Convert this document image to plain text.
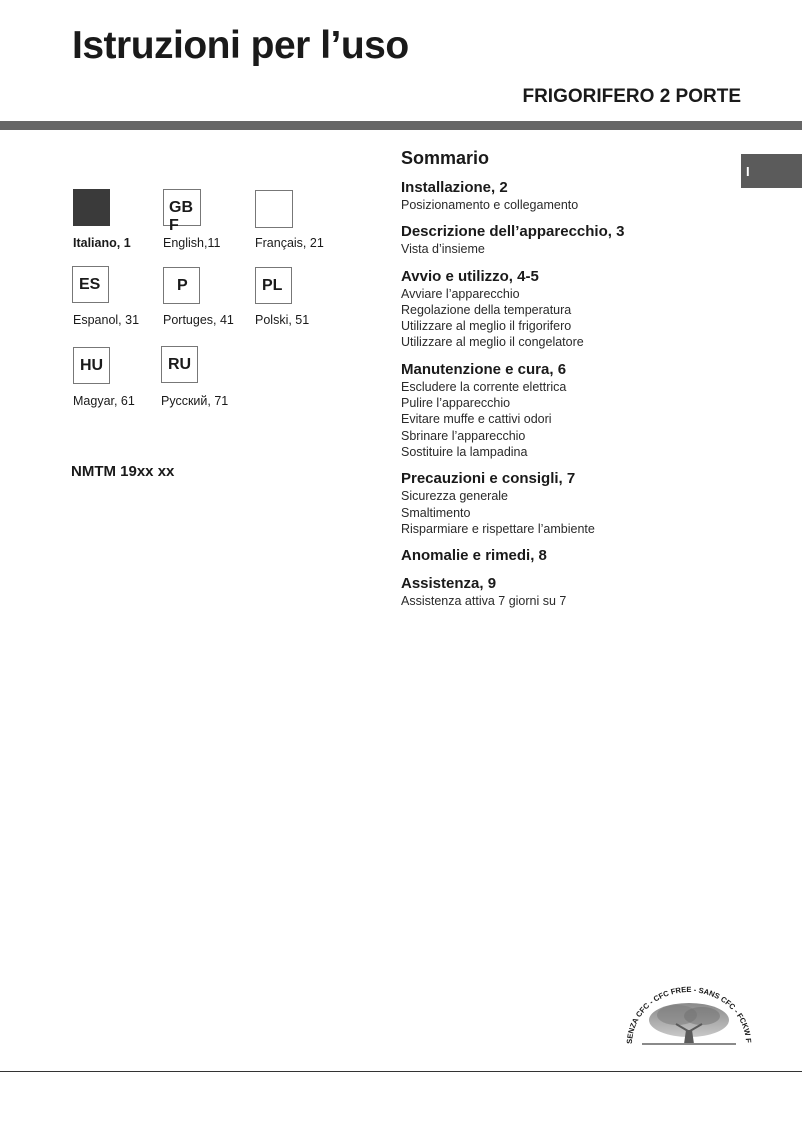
Istruzioni per l’uso
FRIGORIFERO 2 PORTE
I
Italiano, 1
GB F
English,11	Français, 21
ES
Espanol, 31
P
Portuges, 41
PL
Polski, 51
HU
Magyar, 61
RU
Русский, 71
NMTM 19xx xx
Sommario
Installazione, 2
Posizionamento e collegamento
Descrizione dell’apparecchio, 3
Vista d’insieme
Avvio e utilizzo, 4-5
Avviare l’apparecchio
Regolazione della temperatura
Utilizzare al meglio il frigorifero
Utilizzare al meglio il congelatore
Manutenzione e cura, 6
Escludere la corrente elettrica
Pulire l’apparecchio
Evitare muffe e cattivi odori
Sbrinare l’apparecchio
Sostituire la lampadina
Precauzioni e consigli, 7
Sicurezza generale
Smaltimento
Risparmiare e rispettare l’ambiente
Anomalie e rimedi, 8
Assistenza, 9
Assistenza attiva 7 giorni su 7
SENZA CFC - CFC FREE - SANS CFC - FCKW F
